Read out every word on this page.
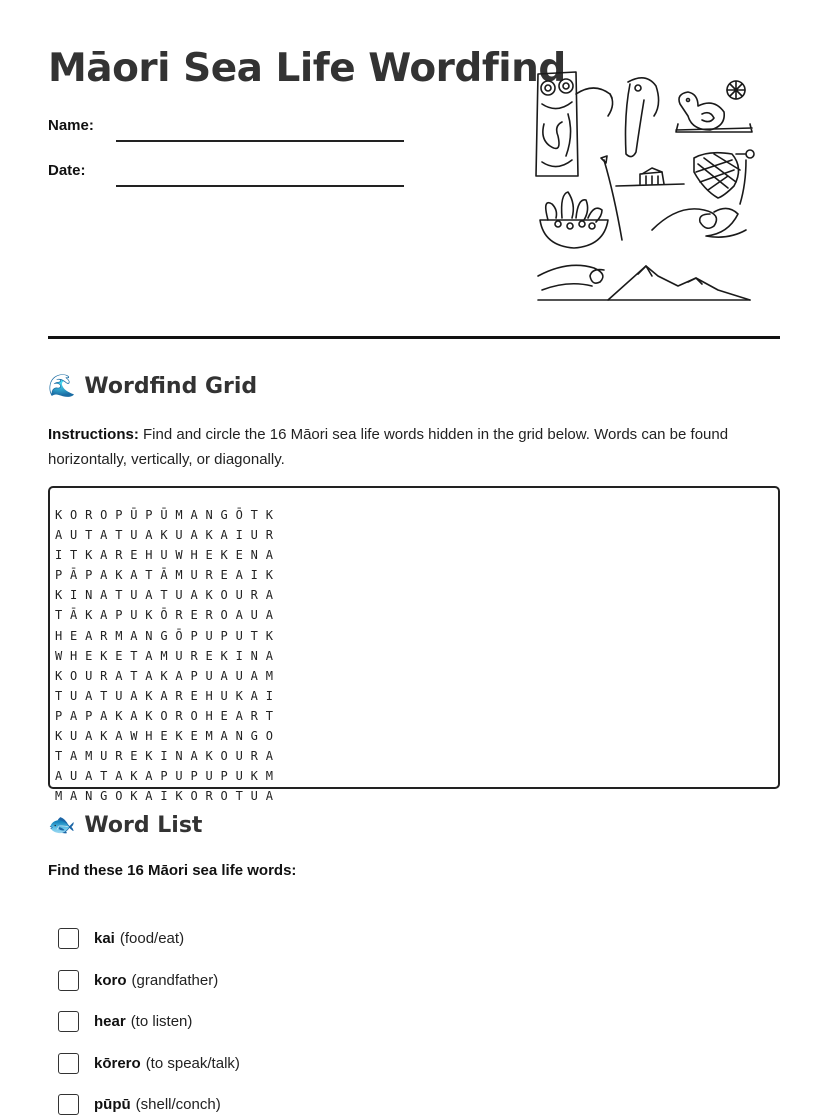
Māori Sea Life Wordfind
Name:
Date:
🌊 Wordfind Grid

Instructions: Find and circle the 16 Māori sea life words hidden in the grid below. Words can be found horizontally, vertically, or diagonally.

K O R O P Ū P Ū M A N G Ō T K
A U T A T U A K U A K A I U R
I T K A R E H U W H E K E N A
P Ā P A K A T Ā M U R E A I K
K I N A T U A T U A K O U R A
T Ā K A P U K Ō R E R O A U A
H E A R M A N G Ō P U P U T K
W H E K E T A M U R E K I N A
K O U R A T A K A P U A U A M
T U A T U A K A R E H U K A I
P A P A K A K O R O H E A R T
K U A K A W H E K E M A N G O
T A M U R E K I N A K O U R A
A U A T A K A P U P U P U K M
M A N G O K A I K O R O T U A
🐟 Word List

Find these 16 Māori sea life words:

kai (food/eat)
koro (grandfather)
hear (to listen)
kōrero (to speak/talk)
pūpū (shell/conch)
